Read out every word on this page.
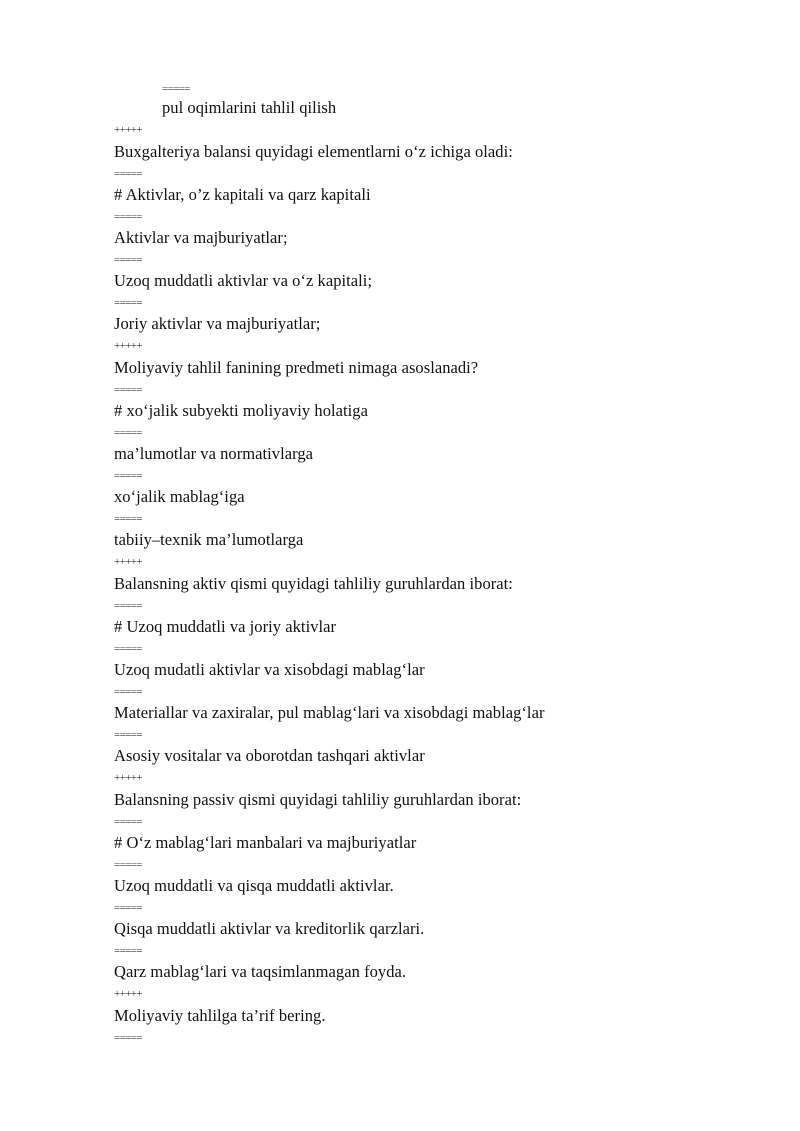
=====
pul oqimlarini tahlil qilish
+++++
Buxgalteriya balansi quyidagi elementlarni o‘z ichiga oladi:
=====
# Aktivlar, o’z kapitali va qarz kapitali
=====
Aktivlar va majburiyatlar;
=====
Uzoq muddatli aktivlar va o‘z kapitali;
=====
Joriy aktivlar va majburiyatlar;
+++++
Moliyaviy tahlil fanining predmeti nimaga asoslanadi?
=====
# xo‘jalik subyekti moliyaviy holatiga
=====
ma’lumotlar va normativlarga
=====
xo‘jalik mablag‘iga
=====
tabiiy–texnik ma’lumotlarga
+++++
Balansning aktiv qismi quyidagi tahliliy guruhlardan iborat:
=====
# Uzoq muddatli va joriy aktivlar
=====
Uzoq mudatli aktivlar va xisobdagi mablag‘lar
=====
Materiallar va zaxiralar, pul mablag‘lari va xisobdagi mablag‘lar
=====
Asosiy vositalar va oborotdan tashqari aktivlar
+++++
Balansning passiv qismi quyidagi tahliliy guruhlardan iborat:
=====
# O‘z mablag‘lari manbalari va majburiyatlar
=====
Uzoq muddatli va qisqa muddatli aktivlar.
=====
Qisqa muddatli aktivlar va kreditorlik qarzlari.
=====
Qarz mablag‘lari va taqsimlanmagan foyda.
+++++
Moliyaviy tahlilga ta’rif bering.
=====
